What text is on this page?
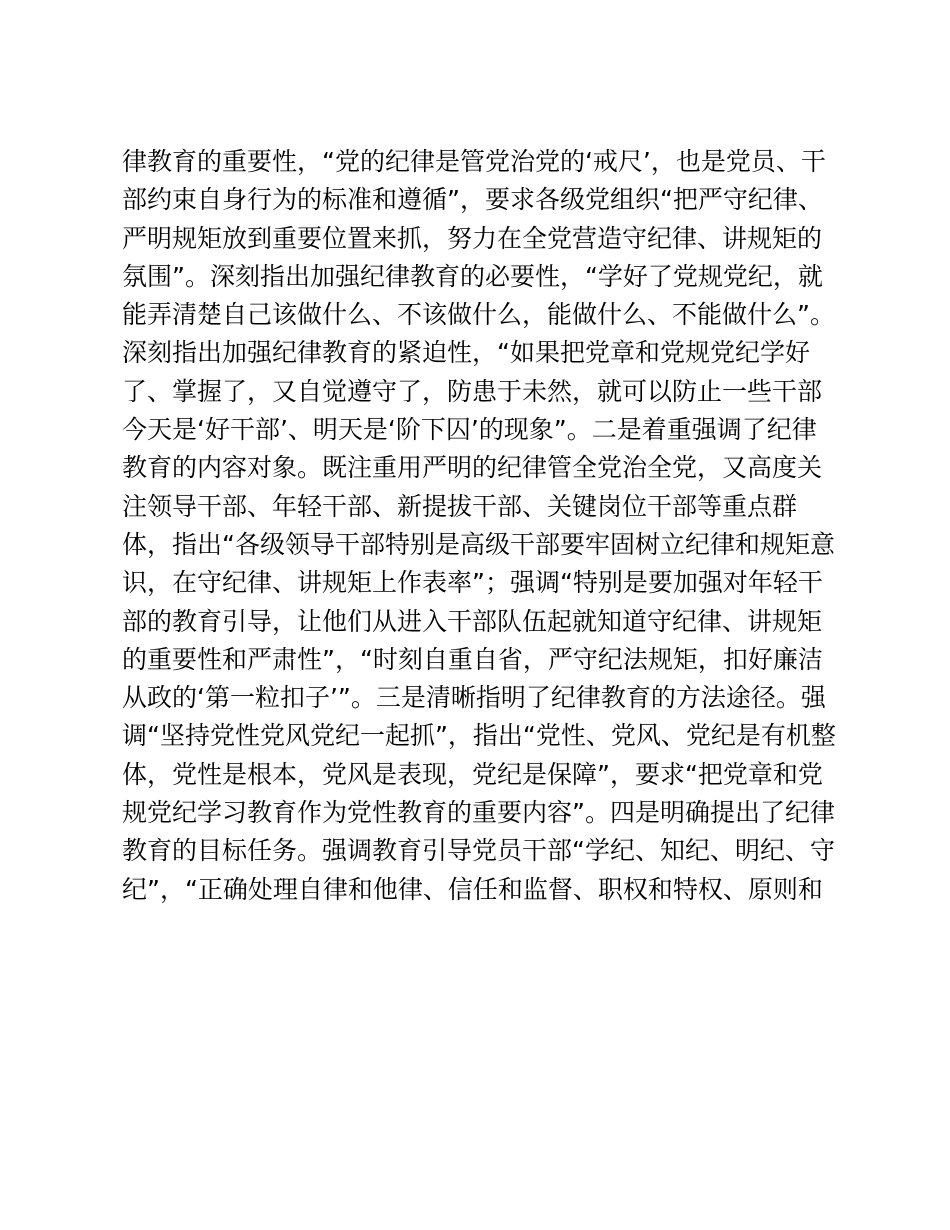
律教育的重要性，“党的纪律是管党治党的‘戒尺’，也是党员、干
部约束自身行为的标准和遵循”，要求各级党组织“把严守纪律、
严明规矩放到重要位置来抓，努力在全党营造守纪律、讲规矩的
氛围”。深刻指出加强纪律教育的必要性，“学好了党规党纪，就
能弄清楚自己该做什么、不该做什么，能做什么、不能做什么”。
深刻指出加强纪律教育的紧迫性，“如果把党章和党规党纪学好
了、掌握了，又自觉遵守了，防患于未然，就可以防止一些干部
今天是‘好干部’、明天是‘阶下囚’的现象”。二是着重强调了纪律
教育的内容对象。既注重用严明的纪律管全党治全党，又高度关
注领导干部、年轻干部、新提拔干部、关键岗位干部等重点群
体，指出“各级领导干部特别是高级干部要牢固树立纪律和规矩意
识，在守纪律、讲规矩上作表率”；强调“特别是要加强对年轻干
部的教育引导，让他们从进入干部队伍起就知道守纪律、讲规矩
的重要性和严肃性”，“时刻自重自省，严守纪法规矩，扣好廉洁
从政的‘第一粒扣子’”。三是清晰指明了纪律教育的方法途径。强
调“坚持党性党风党纪一起抓”，指出“党性、党风、党纪是有机整
体，党性是根本，党风是表现，党纪是保障”，要求“把党章和党
规党纪学习教育作为党性教育的重要内容”。四是明确提出了纪律
教育的目标任务。强调教育引导党员干部“学纪、知纪、明纪、守
纪”，“正确处理自律和他律、信任和监督、职权和特权、原则和
